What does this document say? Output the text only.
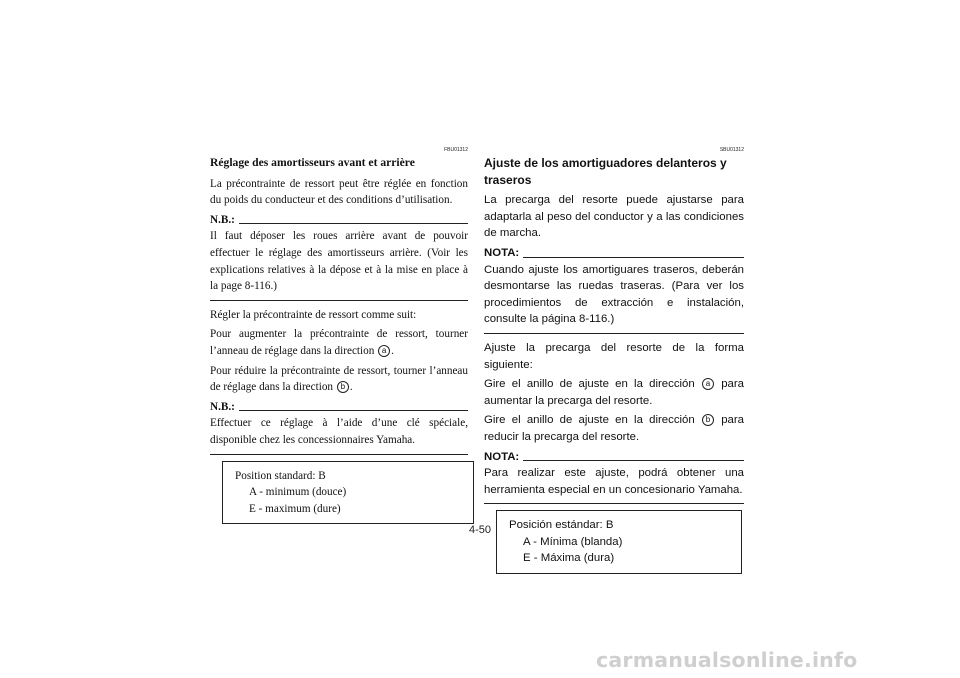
FBU01312
Réglage des amortisseurs avant et arrière

La précontrainte de ressort peut être réglée en fonction du poids du conducteur et des conditions d’utilisation.

N.B.:

Il faut déposer les roues arrière avant de pouvoir effectuer le réglage des amortisseurs arrière. (Voir les explications relatives à la dépose et à la mise en place à la page 8-116.)

Régler la précontrainte de ressort comme suit:

Pour augmenter la précontrainte de ressort, tourner l’anneau de réglage dans la direction a .

Pour réduire la précontrainte de ressort, tourner l’anneau de réglage dans la direction b .

N.B.:

Effectuer ce réglage à l’aide d’une clé spéciale, disponible chez les concessionnaires Yamaha.

Position standard: B
A - minimum (douce)
E - maximum (dure)
SBU01312
Ajuste de los amortiguadores delanteros y traseros

La precarga del resorte puede ajustarse para adaptarla al peso del conductor y a las condiciones de marcha.

NOTA:

Cuando ajuste los amortiguares traseros, deberán desmontarse las ruedas traseras. (Para ver los procedimientos de extracción e instalación, consulte la página 8-116.)

Ajuste la precarga del resorte de la forma siguiente:

Gire el anillo de ajuste en la dirección a para aumentar la precarga del resorte.

Gire el anillo de ajuste en la dirección b para reducir la precarga del resorte.

NOTA:

Para realizar este ajuste, podrá obtener una herramienta especial en un concesionario Yamaha.

Posición estándar: B
A - Mínima (blanda)
E - Máxima (dura)
4-50
carmanualsonline.info
